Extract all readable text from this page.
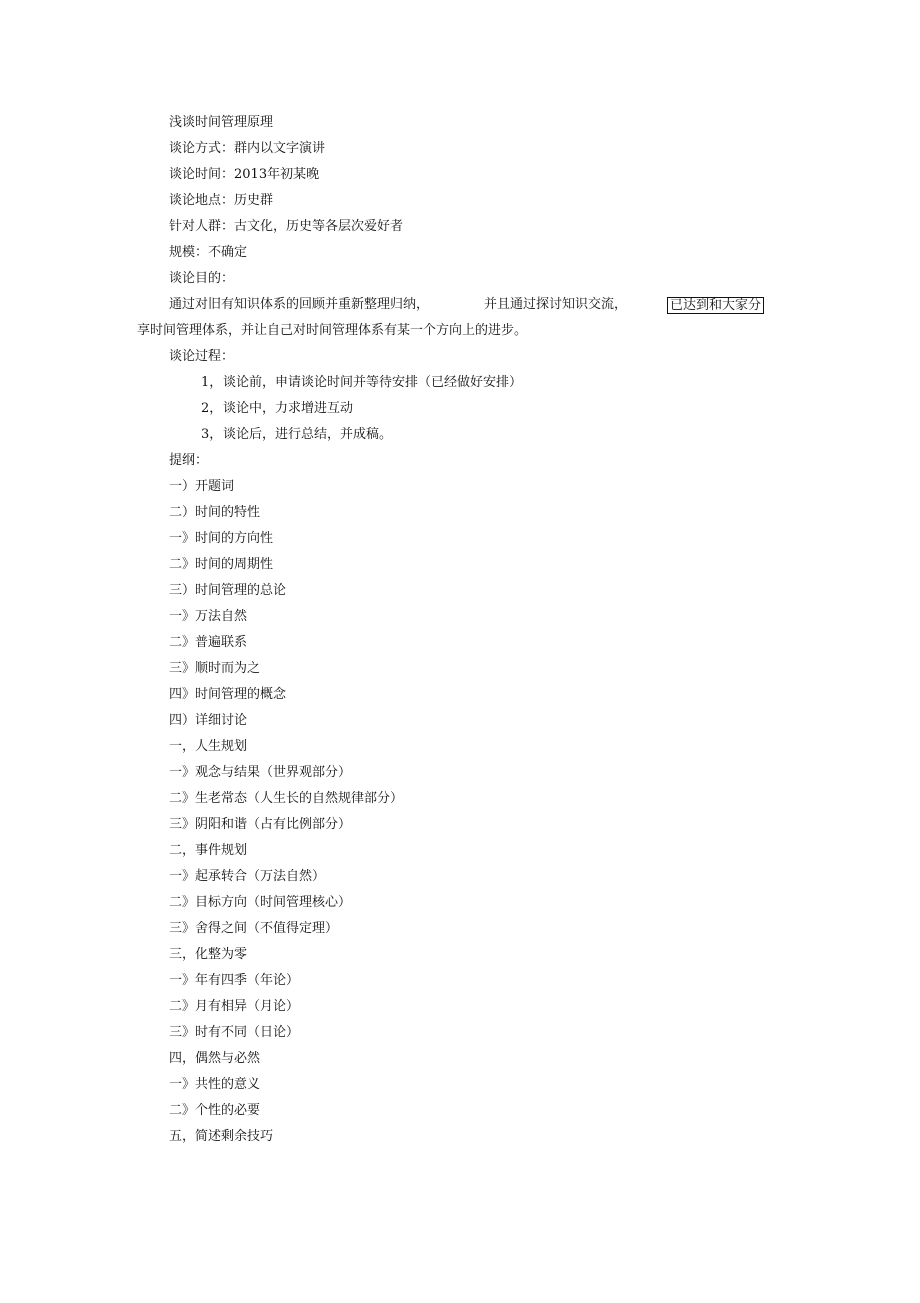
浅谈时间管理原理
谈论方式：群内以文字演讲
谈论时间：2013年初某晚
谈论地点：历史群
针对人群：古文化，历史等各层次爱好者
规模：不确定
谈论目的：
通过对旧有知识体系的回顾并重新整理归纳，	并且通过探讨知识交流，	已达到和大家分
享时间管理体系，并让自己对时间管理体系有某一个方向上的进步。
谈论过程：
1，谈论前，申请谈论时间并等待安排（已经做好安排）
2，谈论中，力求增进互动
3，谈论后，进行总结，并成稿。
提纲：
一）开题词
二）时间的特性
一》时间的方向性
二》时间的周期性
三）时间管理的总论
一》万法自然
二》普遍联系
三》顺时而为之
四》时间管理的概念
四）详细讨论
一，人生规划
一》观念与结果（世界观部分）
二》生老常态（人生长的自然规律部分）
三》阴阳和谐（占有比例部分）
二，事件规划
一》起承转合（万法自然）
二》目标方向（时间管理核心）
三》舍得之间（不值得定理）
三，化整为零
一》年有四季（年论）
二》月有相异（月论）
三》时有不同（日论）
四，偶然与必然
一》共性的意义
二》个性的必要
五，简述剩余技巧
